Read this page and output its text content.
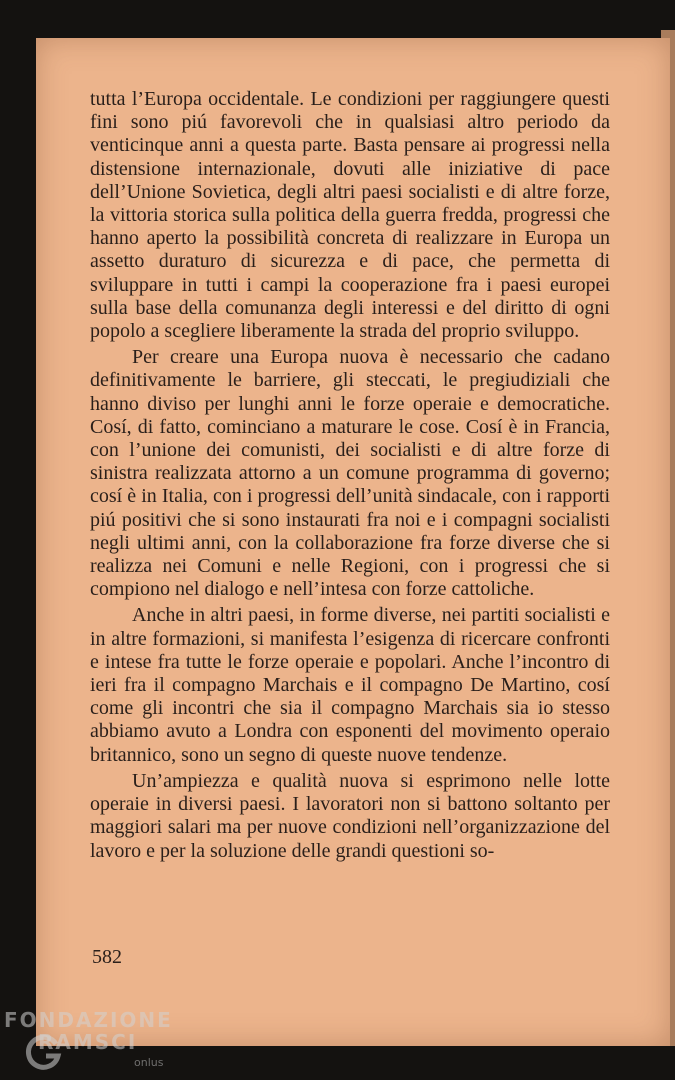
tutta l’Europa occidentale. Le condizioni per raggiungere questi fini sono piú favorevoli che in qualsiasi altro periodo da venticinque anni a questa parte. Basta pensare ai progressi nella distensione internazionale, dovuti alle iniziative di pace dell’Unione Sovietica, degli altri paesi socialisti e di altre forze, la vittoria storica sulla politica della guerra fredda, progressi che hanno aperto la possibilità concreta di realizzare in Europa un assetto duraturo di sicurezza e di pace, che permetta di sviluppare in tutti i campi la cooperazione fra i paesi europei sulla base della comunanza degli interessi e del diritto di ogni popolo a scegliere liberamente la strada del proprio sviluppo.

Per creare una Europa nuova è necessario che cadano definitivamente le barriere, gli steccati, le pregiudiziali che hanno diviso per lunghi anni le forze operaie e democratiche. Cosí, di fatto, cominciano a maturare le cose. Cosí è in Francia, con l’unione dei comunisti, dei socialisti e di altre forze di sinistra realizzata attorno a un comune programma di governo; cosí è in Italia, con i progressi dell’unità sindacale, con i rapporti piú positivi che si sono instaurati fra noi e i compagni socialisti negli ultimi anni, con la collaborazione fra forze diverse che si realizza nei Comuni e nelle Regioni, con i progressi che si compiono nel dialogo e nell’intesa con forze cattoliche.

Anche in altri paesi, in forme diverse, nei partiti socialisti e in altre formazioni, si manifesta l’esigenza di ricercare confronti e intese fra tutte le forze operaie e popolari. Anche l’incontro di ieri fra il compagno Marchais e il compagno De Martino, cosí come gli incontri che sia il compagno Marchais sia io stesso abbiamo avuto a Londra con esponenti del movimento operaio britannico, sono un segno di queste nuove tendenze.

Un’ampiezza e qualità nuova si esprimono nelle lotte operaie in diversi paesi. I lavoratori non si battono soltanto per maggiori salari ma per nuove condizioni nell’organizzazione del lavoro e per la soluzione delle grandi questioni so-

582
FONDAZIONE
RAMSCI
onlus
